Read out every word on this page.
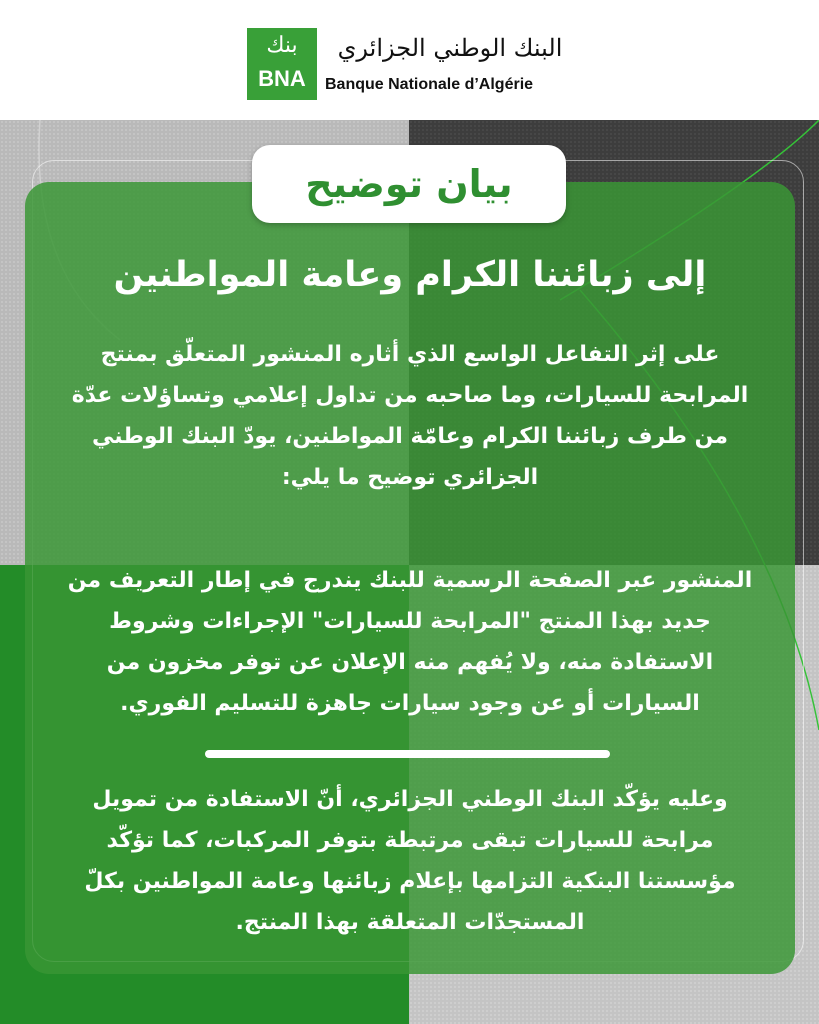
بنك
BNA
البنك الوطني الجزائري
Banque Nationale d’Algérie
بيان توضيح
إلى زبائننا الكرام وعامة المواطنين
على إثر التفاعل الواسع الذي أثاره المنشور المتعلّق بمنتج المرابحة للسيارات، وما صاحبه من تداول إعلامي وتساؤلات عدّة من طرف زبائننا الكرام وعامّة المواطنين، يودّ البنك الوطني الجزائري توضيح ما يلي:
المنشور عبر الصفحة الرسمية للبنك يندرج في إطار التعريف من جديد بهذا المنتج "المرابحة للسيارات" الإجراءات وشروط الاستفادة منه، ولا يُفهم منه الإعلان عن توفر مخزون من السيارات أو عن وجود سيارات جاهزة للتسليم الفوري.
وعليه يؤكّد البنك الوطني الجزائري، أنّ الاستفادة من تمويل مرابحة للسيارات تبقى مرتبطة بتوفر المركبات، كما تؤكّد مؤسستنا البنكية التزامها بإعلام زبائنها وعامة المواطنين بكلّ المستجدّات المتعلقة بهذا المنتج.
